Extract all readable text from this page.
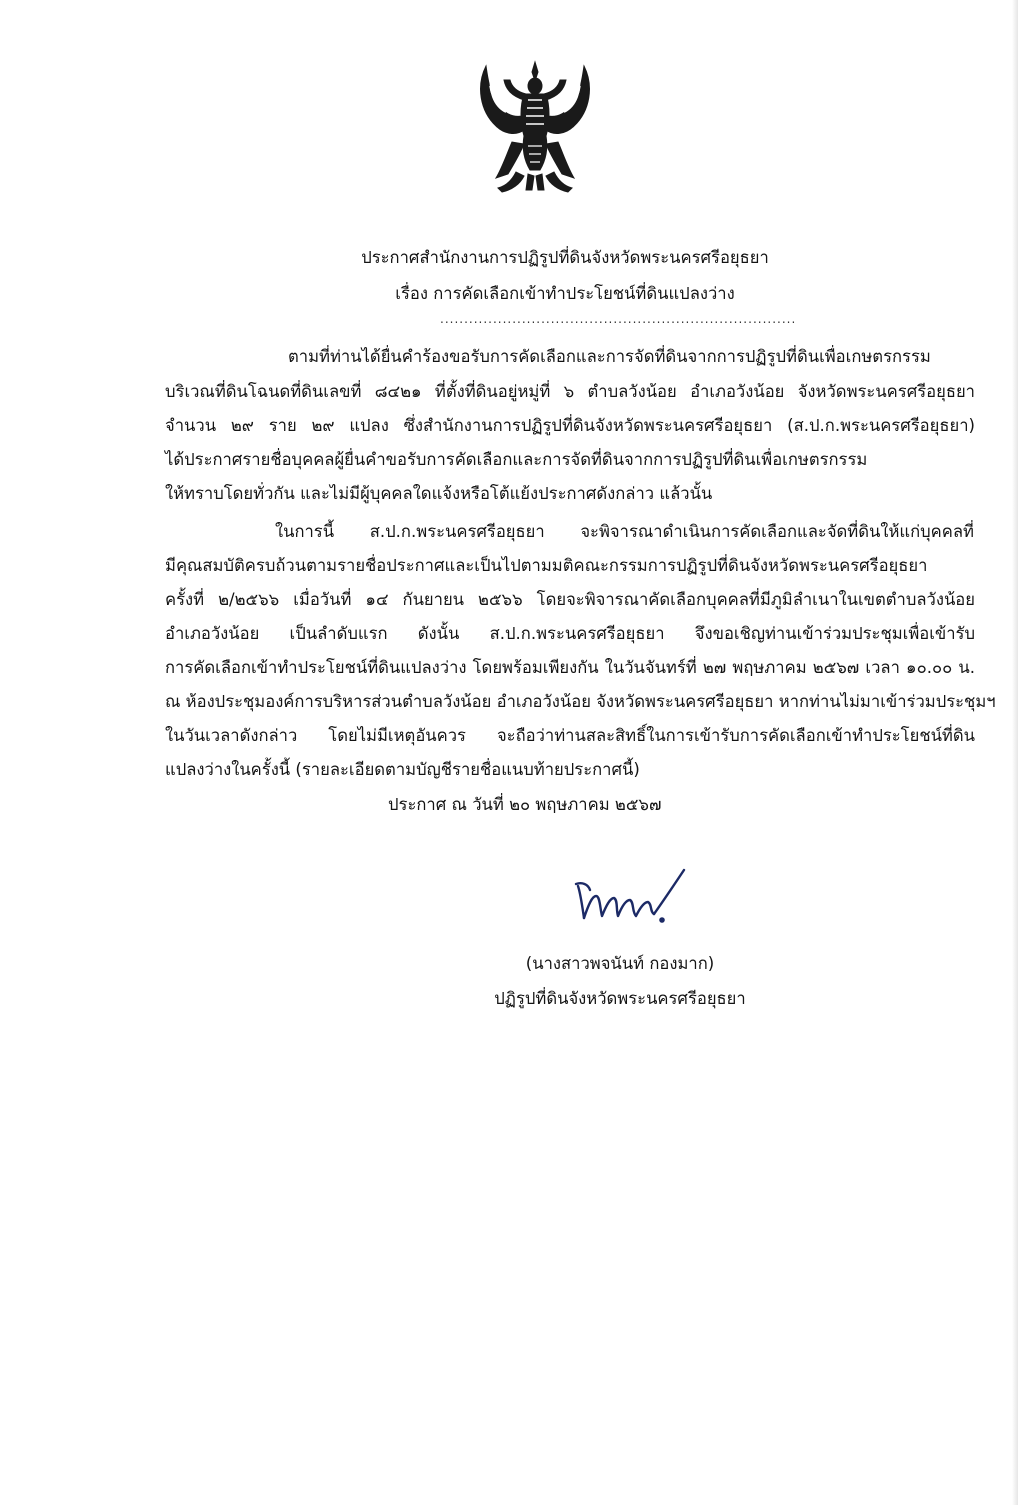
ประกาศสำนักงานการปฏิรูปที่ดินจังหวัดพระนครศรีอยุธยา
เรื่อง การคัดเลือกเข้าทำประโยชน์ที่ดินแปลงว่าง
..........................................................................
ตามที่ท่านได้ยื่นคำร้องขอรับการคัดเลือกและการจัดที่ดินจากการปฏิรูปที่ดินเพื่อเกษตรกรรม
บริเวณที่ดินโฉนดที่ดินเลขที่ ๘๔๒๑ ที่ตั้งที่ดินอยู่หมู่ที่ ๖ ตำบลวังน้อย อำเภอวังน้อย จังหวัดพระนครศรีอยุธยา
จำนวน ๒๙ ราย ๒๙ แปลง ซึ่งสำนักงานการปฏิรูปที่ดินจังหวัดพระนครศรีอยุธยา (ส.ป.ก.พระนครศรีอยุธยา)
ได้ประกาศรายชื่อบุคคลผู้ยื่นคำขอรับการคัดเลือกและการจัดที่ดินจากการปฏิรูปที่ดินเพื่อเกษตรกรรม
ให้ทราบโดยทั่วกัน และไม่มีผู้บุคคลใดแจ้งหรือโต้แย้งประกาศดังกล่าว แล้วนั้น
ในการนี้ ส.ป.ก.พระนครศรีอยุธยา จะพิจารณาดำเนินการคัดเลือกและจัดที่ดินให้แก่บุคคลที่
มีคุณสมบัติครบถ้วนตามรายชื่อประกาศและเป็นไปตามมติคณะกรรมการปฏิรูปที่ดินจังหวัดพระนครศรีอยุธยา
ครั้งที่ ๒/๒๕๖๖ เมื่อวันที่ ๑๔ กันยายน ๒๕๖๖ โดยจะพิจารณาคัดเลือกบุคคลที่มีภูมิลำเนาในเขตตำบลวังน้อย
อำเภอวังน้อย เป็นลำดับแรก ดังนั้น ส.ป.ก.พระนครศรีอยุธยา จึงขอเชิญท่านเข้าร่วมประชุมเพื่อเข้ารับ
การคัดเลือกเข้าทำประโยชน์ที่ดินแปลงว่าง โดยพร้อมเพียงกัน ในวันจันทร์ที่ ๒๗ พฤษภาคม ๒๕๖๗ เวลา ๑๐.๐๐ น.
ณ ห้องประชุมองค์การบริหารส่วนตำบลวังน้อย อำเภอวังน้อย จังหวัดพระนครศรีอยุธยา หากท่านไม่มาเข้าร่วมประชุมฯ
ในวันเวลาดังกล่าว โดยไม่มีเหตุอันควร จะถือว่าท่านสละสิทธิ์ในการเข้ารับการคัดเลือกเข้าทำประโยชน์ที่ดิน
แปลงว่างในครั้งนี้ (รายละเอียดตามบัญชีรายชื่อแนบท้ายประกาศนี้)
ประกาศ ณ วันที่ ๒๐ พฤษภาคม ๒๕๖๗
(นางสาวพจนันท์ กองมาก)
ปฏิรูปที่ดินจังหวัดพระนครศรีอยุธยา
